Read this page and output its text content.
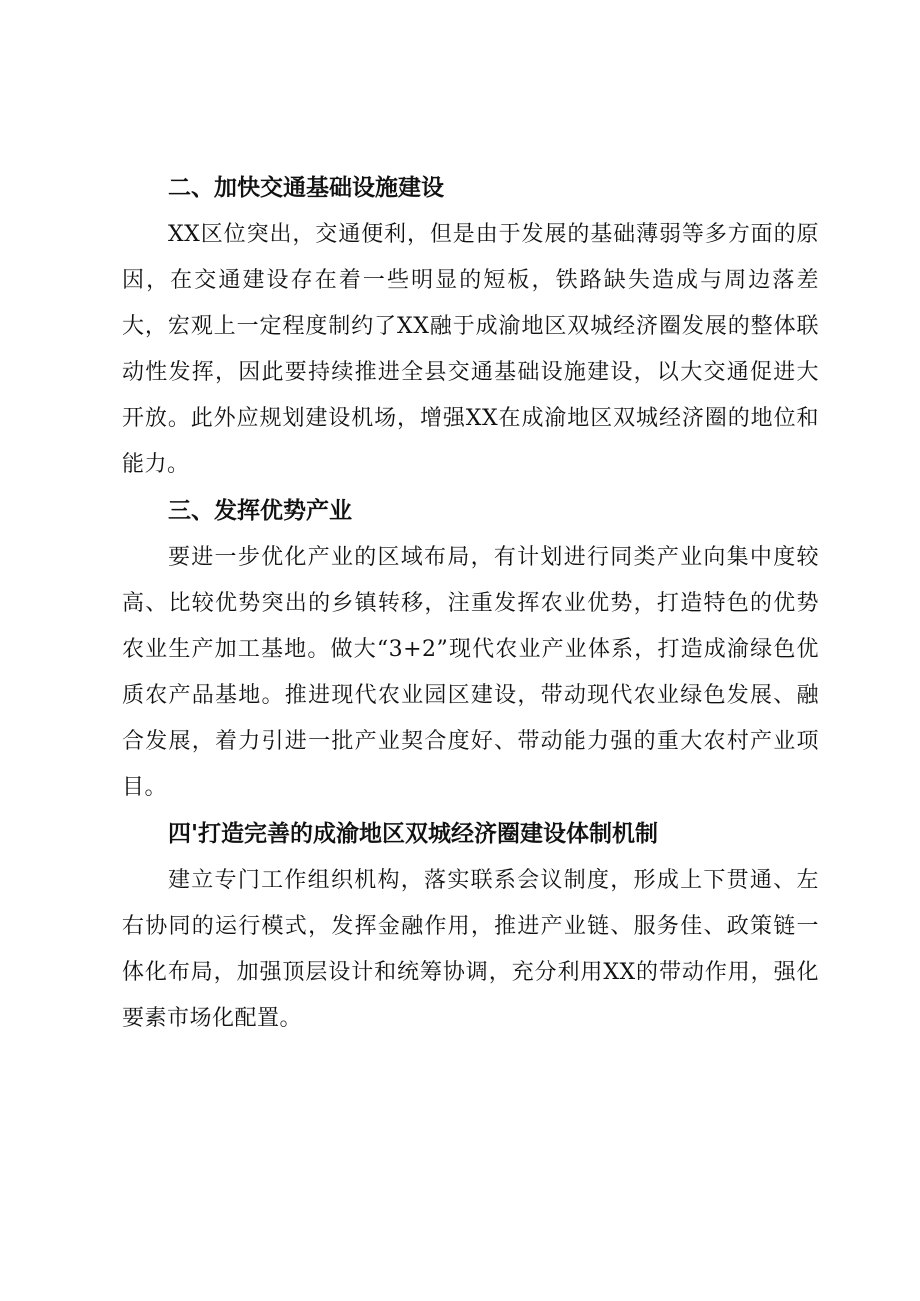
二、加快交通基础设施建设

XX区位突出，交通便利，但是由于发展的基础薄弱等多方面的原因，在交通建设存在着一些明显的短板，铁路缺失造成与周边落差大，宏观上一定程度制约了XX融于成渝地区双城经济圈发展的整体联动性发挥，因此要持续推进全县交通基础设施建设，以大交通促进大开放。此外应规划建设机场，增强XX在成渝地区双城经济圈的地位和能力。

三、发挥优势产业

要进一步优化产业的区域布局，有计划进行同类产业向集中度较高、比较优势突出的乡镇转移，注重发挥农业优势，打造特色的优势农业生产加工基地。做大“3+2”现代农业产业体系，打造成渝绿色优质农产品基地。推进现代农业园区建设，带动现代农业绿色发展、融合发展，着力引进一批产业契合度好、带动能力强的重大农村产业项目。

四'打造完善的成渝地区双城经济圈建设体制机制

建立专门工作组织机构，落实联系会议制度，形成上下贯通、左右协同的运行模式，发挥金融作用，推进产业链、服务佳、政策链一体化布局，加强顶层设计和统筹协调，充分利用XX的带动作用，强化要素市场化配置。
